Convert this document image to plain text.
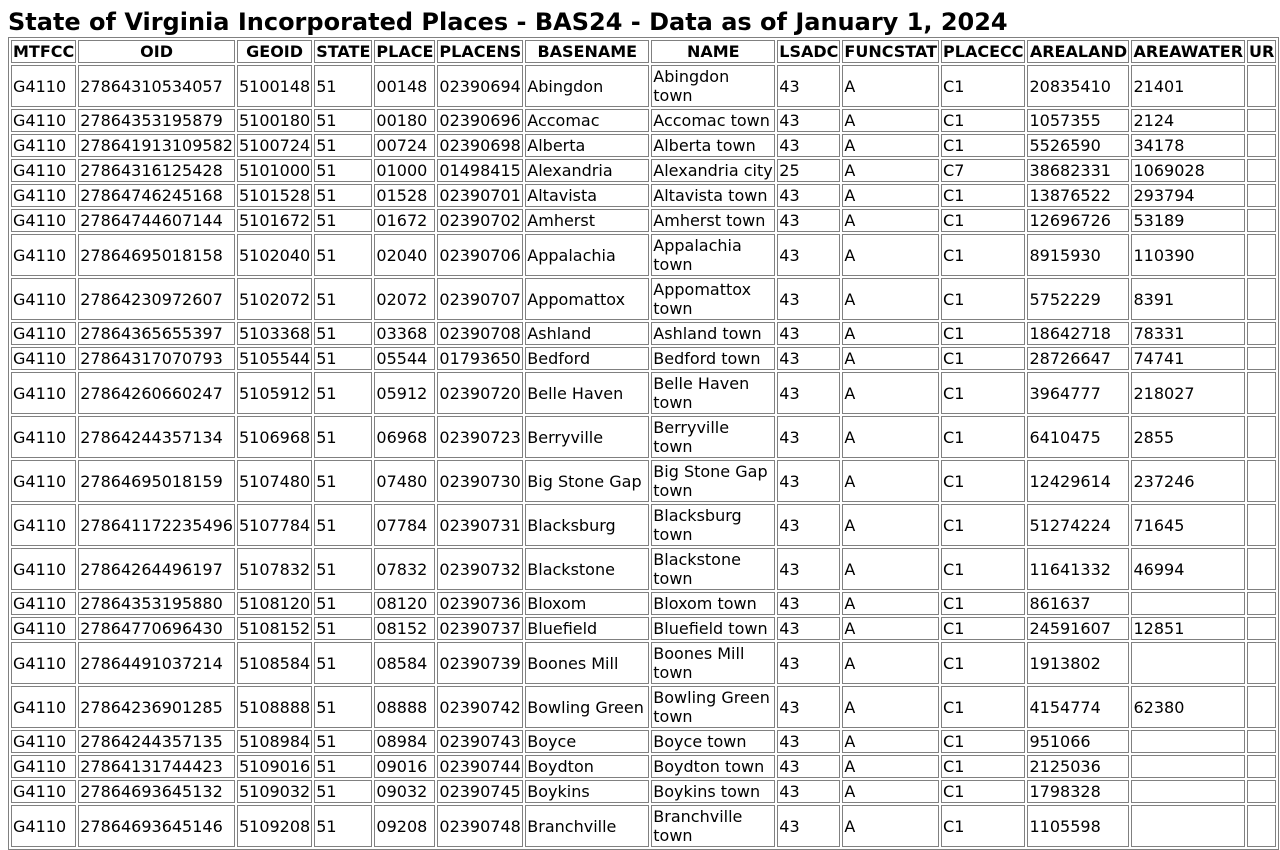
State of Virginia Incorporated Places - BAS24 - Data as of January 1, 2024
MTFCC	OID	GEOID	STATE	PLACE	PLACENS	BASENAME	NAME	LSADC	FUNCSTAT	PLACECC	AREALAND	AREAWATER	UR
G4110	27864310534057	5100148	51	00148	02390694	Abingdon	Abingdon town	43	A	C1	20835410	21401	
G4110	27864353195879	5100180	51	00180	02390696	Accomac	Accomac town	43	A	C1	1057355	2124	
G4110	278641913109582	5100724	51	00724	02390698	Alberta	Alberta town	43	A	C1	5526590	34178	
G4110	27864316125428	5101000	51	01000	01498415	Alexandria	Alexandria city	25	A	C7	38682331	1069028	
G4110	27864746245168	5101528	51	01528	02390701	Altavista	Altavista town	43	A	C1	13876522	293794	
G4110	27864744607144	5101672	51	01672	02390702	Amherst	Amherst town	43	A	C1	12696726	53189	
G4110	27864695018158	5102040	51	02040	02390706	Appalachia	Appalachia town	43	A	C1	8915930	110390	
G4110	27864230972607	5102072	51	02072	02390707	Appomattox	Appomattox town	43	A	C1	5752229	8391	
G4110	27864365655397	5103368	51	03368	02390708	Ashland	Ashland town	43	A	C1	18642718	78331	
G4110	27864317070793	5105544	51	05544	01793650	Bedford	Bedford town	43	A	C1	28726647	74741	
G4110	27864260660247	5105912	51	05912	02390720	Belle Haven	Belle Haven town	43	A	C1	3964777	218027	
G4110	27864244357134	5106968	51	06968	02390723	Berryville	Berryville town	43	A	C1	6410475	2855	
G4110	27864695018159	5107480	51	07480	02390730	Big Stone Gap	Big Stone Gap town	43	A	C1	12429614	237246	
G4110	278641172235496	5107784	51	07784	02390731	Blacksburg	Blacksburg town	43	A	C1	51274224	71645	
G4110	27864264496197	5107832	51	07832	02390732	Blackstone	Blackstone town	43	A	C1	11641332	46994	
G4110	27864353195880	5108120	51	08120	02390736	Bloxom	Bloxom town	43	A	C1	861637		
G4110	27864770696430	5108152	51	08152	02390737	Bluefield	Bluefield town	43	A	C1	24591607	12851	
G4110	27864491037214	5108584	51	08584	02390739	Boones Mill	Boones Mill town	43	A	C1	1913802		
G4110	27864236901285	5108888	51	08888	02390742	Bowling Green	Bowling Green town	43	A	C1	4154774	62380	
G4110	27864244357135	5108984	51	08984	02390743	Boyce	Boyce town	43	A	C1	951066		
G4110	27864131744423	5109016	51	09016	02390744	Boydton	Boydton town	43	A	C1	2125036		
G4110	27864693645132	5109032	51	09032	02390745	Boykins	Boykins town	43	A	C1	1798328		
G4110	27864693645146	5109208	51	09208	02390748	Branchville	Branchville town	43	A	C1	1105598		
